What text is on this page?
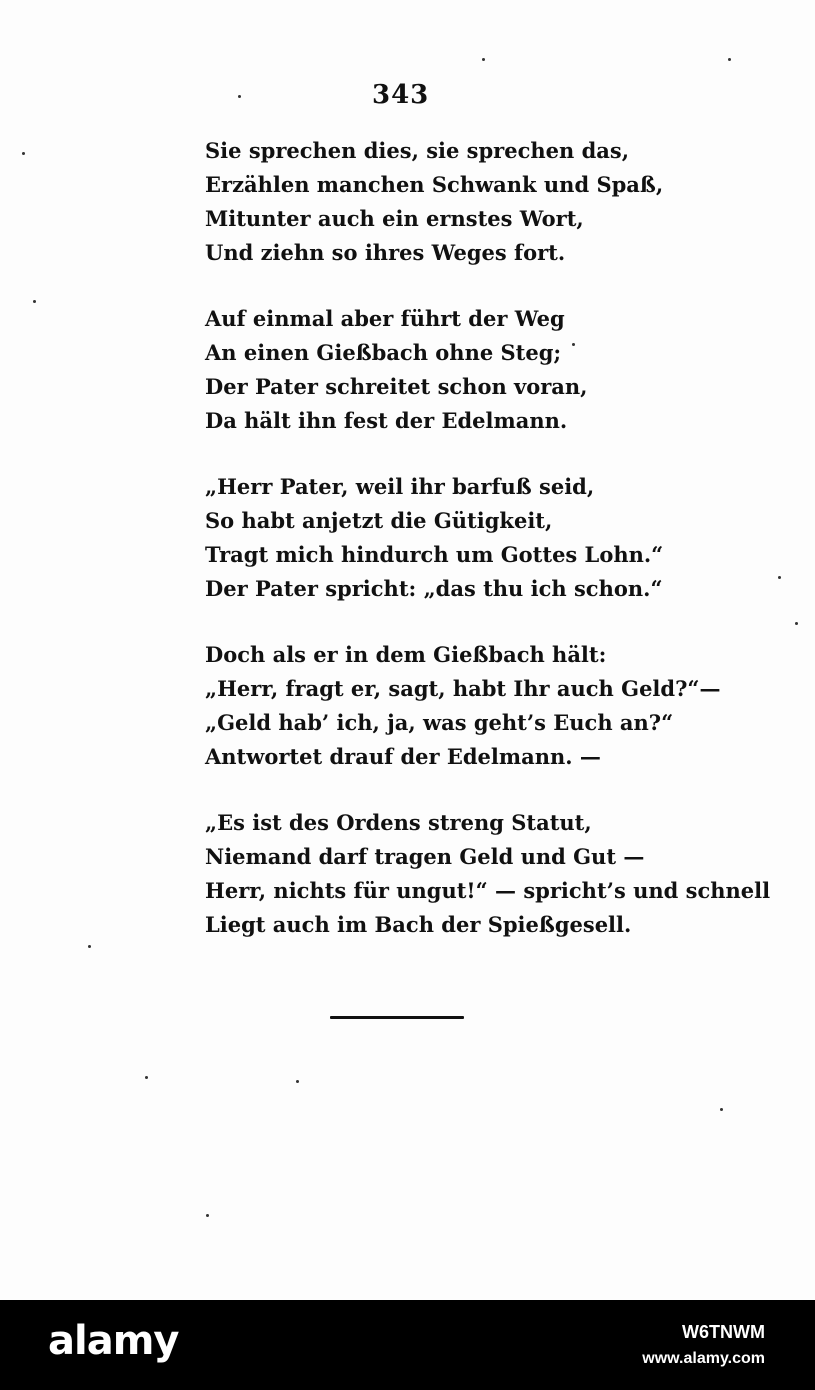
343
Sie sprechen dies, sie sprechen das,
Erzählen manchen Schwank und Spaß,
Mitunter auch ein ernstes Wort,
Und ziehn so ihres Weges fort.
Auf einmal aber führt der Weg
An einen Gießbach ohne Steg;
Der Pater schreitet schon voran,
Da hält ihn fest der Edelmann.
„Herr Pater, weil ihr barfuß seid,
So habt anjetzt die Gütigkeit,
Tragt mich hindurch um Gottes Lohn.“
Der Pater spricht: „das thu ich schon.“
Doch als er in dem Gießbach hält:
„Herr, fragt er, sagt, habt Ihr auch Geld?“—
„Geld hab’ ich, ja, was geht’s Euch an?“
Antwortet drauf der Edelmann. —
„Es ist des Ordens streng Statut,
Niemand darf tragen Geld und Gut —
Herr, nichts für ungut!“ — spricht’s und schnell
Liegt auch im Bach der Spießgesell.
alamy	W6TNWM
www.alamy.com
